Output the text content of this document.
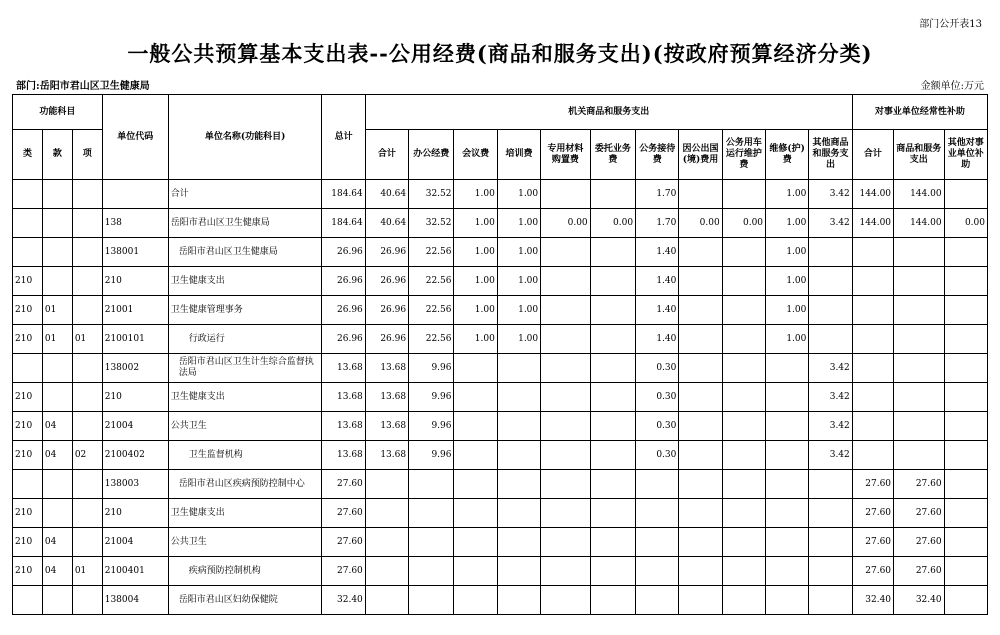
部门公开表13
一般公共预算基本支出表--公用经费(商品和服务支出)(按政府预算经济分类)
部门:岳阳市君山区卫生健康局	金额单位:万元
功能科目			单位代码	单位名称(功能科目)	总计	机关商品和服务支出											对事业单位经常性补助		
类	款	项				合计	办公经费	会议费	培训费	专用材料购置费	委托业务费	公务接待费	因公出国(境)费用	公务用车运行维护费	维修(护)费	其他商品和服务支出	合计	商品和服务支出	其他对事业单位补助
				合计	184.64	40.64	32.52	1.00	1.00			1.70			1.00	3.42	144.00	144.00	
			138	岳阳市君山区卫生健康局	184.64	40.64	32.52	1.00	1.00	0.00	0.00	1.70	0.00	0.00	1.00	3.42	144.00	144.00	0.00
			138001	岳阳市君山区卫生健康局	26.96	26.96	22.56	1.00	1.00			1.40			1.00				
210			210	卫生健康支出	26.96	26.96	22.56	1.00	1.00			1.40			1.00				
210	01		21001	卫生健康管理事务	26.96	26.96	22.56	1.00	1.00			1.40			1.00				
210	01	01	2100101	行政运行	26.96	26.96	22.56	1.00	1.00			1.40			1.00				
			138002	岳阳市君山区卫生计生综合监督执法局	13.68	13.68	9.96					0.30				3.42			
210			210	卫生健康支出	13.68	13.68	9.96					0.30				3.42			
210	04		21004	公共卫生	13.68	13.68	9.96					0.30				3.42			
210	04	02	2100402	卫生监督机构	13.68	13.68	9.96					0.30				3.42			
			138003	岳阳市君山区疾病预防控制中心	27.60												27.60	27.60	
210			210	卫生健康支出	27.60												27.60	27.60	
210	04		21004	公共卫生	27.60												27.60	27.60	
210	04	01	2100401	疾病预防控制机构	27.60												27.60	27.60	
			138004	岳阳市君山区妇幼保健院	32.40												32.40	32.40	
